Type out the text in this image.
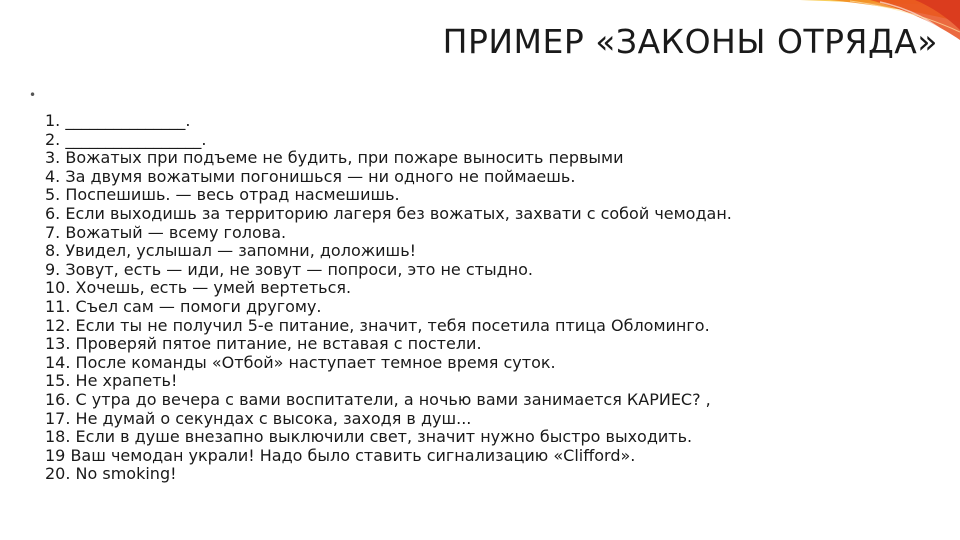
ПРИМЕР «ЗАКОНЫ ОТРЯДА»
•
1. _______________.
2. _________________.
3. Вожатых при подъеме не будить, при пожаре выносить первыми
4. За двумя вожатыми погонишься — ни одного не поймаешь.
5. Поспешишь. — весь отрад насмешишь.
6. Если выходишь за территорию лагеря без вожатых, захвати с собой чемодан.
7. Вожатый — всему голова.
8. Увидел, услышал — запомни, доложишь!
9. Зовут, есть — иди, не зовут — попроси, это не стыдно.
10. Хочешь, есть — умей вертеться.
11. Съел сам — помоги другому.
12. Если ты не получил 5-е питание, значит, тебя посетила птица Обломинго.
13. Проверяй пятое питание, не вставая с постели.
14. После команды «Отбой» наступает темное время суток.
15. Не храпеть!
16. С утра до вечера с вами воспитатели, а ночью вами занимается КАРИЕС? ,
17. Не думай о секундах с высока, заходя в душ...
18. Если в душе внезапно выключили свет, значит нужно быстро выходить.
19 Ваш чемодан украли! Надо было ставить сигнализацию «Clifford».
20. No smoking!
